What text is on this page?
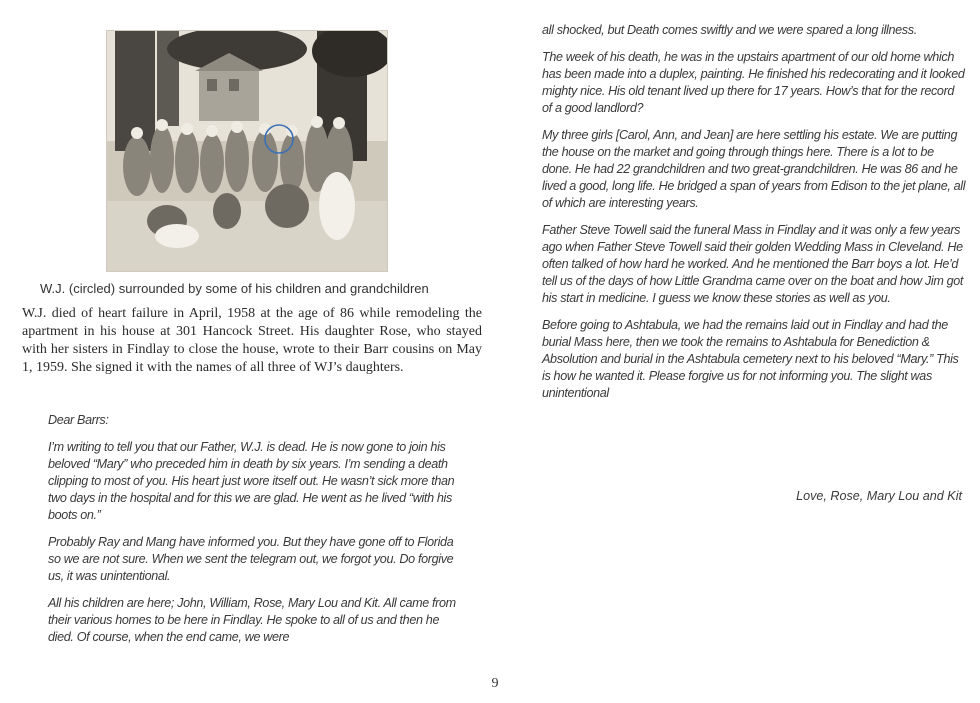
W.J. (circled) surrounded by some of his children and grandchildren
W.J. died of heart failure in April, 1958 at the age of 86 while remodeling the apartment in his house at 301 Hancock Street. His daughter Rose, who stayed with her sisters in Findlay to close the house, wrote to their Barr cousins on May 1, 1959. She signed it with the names of all three of WJ’s daughters.

Dear Barrs:

I’m writing to tell you that our Father, W.J. is dead. He is now gone to join his beloved “Mary” who preceded him in death by six years. I’m sending a death clipping to most of you. His heart just wore itself out. He wasn’t sick more than two days in the hospital and for this we are glad. He went as he lived “with his boots on.”

Probably Ray and Mang have informed you. But they have gone off to Florida so we are not sure. When we sent the telegram out, we forgot you. Do forgive us, it was unintentional.

All his children are here; John, William, Rose, Mary Lou and Kit. All came from their various homes to be here in Findlay. He spoke to all of us and then he died. Of course, when the end came, we were

all shocked, but Death comes swiftly and we were spared a long illness.

The week of his death, he was in the upstairs apartment of our old home which has been made into a duplex, painting. He finished his redecorating and it looked mighty nice. His old tenant lived up there for 17 years. How’s that for the record of a good landlord?

My three girls [Carol, Ann, and Jean] are here settling his estate. We are putting the house on the market and going through things here. There is a lot to be done. He had 22 grandchildren and two great-grandchildren. He was 86 and he lived a good, long life. He bridged a span of years from Edison to the jet plane, all of which are interesting years.

Father Steve Towell said the funeral Mass in Findlay and it was only a few years ago when Father Steve Towell said their golden Wedding Mass in Cleveland. He often talked of how hard he worked. And he mentioned the Barr boys a lot. He’d tell us of the days of how Little Grandma came over on the boat and how Jim got his start in medicine. I guess we know these stories as well as you.

Before going to Ashtabula, we had the remains laid out in Findlay and had the burial Mass here, then we took the remains to Ashtabula for Benediction & Absolution and burial in the Ashtabula cemetery next to his beloved “Mary.” This is how he wanted it. Please forgive us for not informing you. The slight was unintentional

Love, Rose, Mary Lou and Kit
9
